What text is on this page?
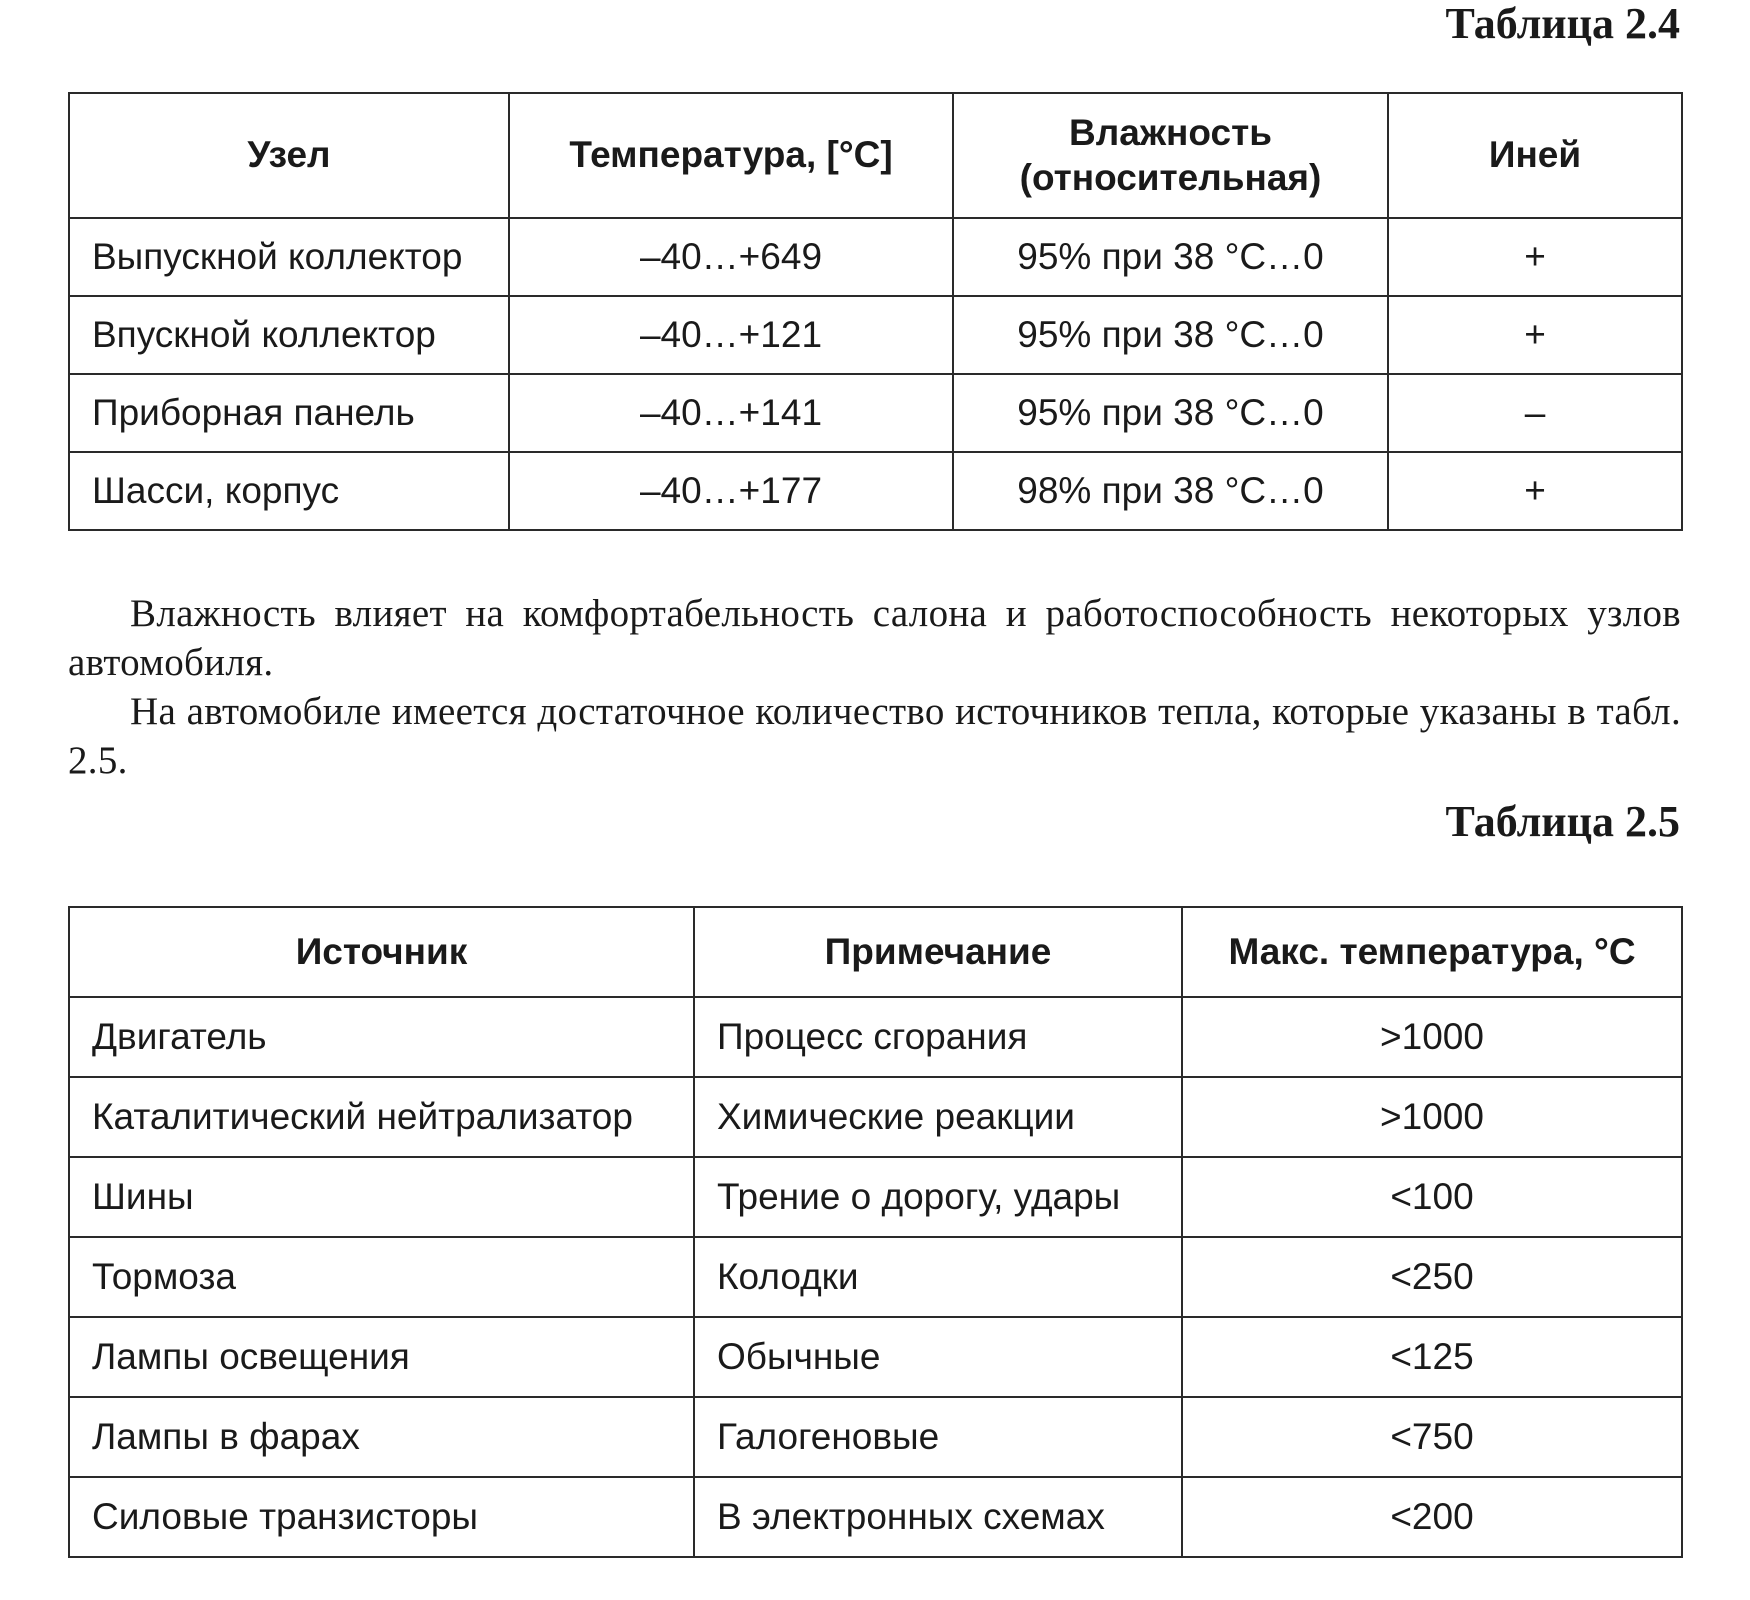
Таблица 2.4
Узел	Температура, [°C]	Влажность (относительная)	Иней
Выпускной коллектор	–40…+649	95% при 38 °С…0	+
Впускной коллектор	–40…+121	95% при 38 °С…0	+
Приборная панель	–40…+141	95% при 38 °С…0	–
Шасси, корпус	–40…+177	98% при 38 °С…0	+

Влажность влияет на комфортабельность салона и работоспособность некоторых узлов автомобиля.

На автомобиле имеется достаточное количество источников тепла, которые указаны в табл. 2.5.

Таблица 2.5
Источник	Примечание	Макс. температура, °C
Двигатель	Процесс сгорания	>1000
Каталитический нейтрализатор	Химические реакции	>1000
Шины	Трение о дорогу, удары	<100
Тормоза	Колодки	<250
Лампы освещения	Обычные	<125
Лампы в фарах	Галогеновые	<750
Силовые транзисторы	В электронных схемах	<200
